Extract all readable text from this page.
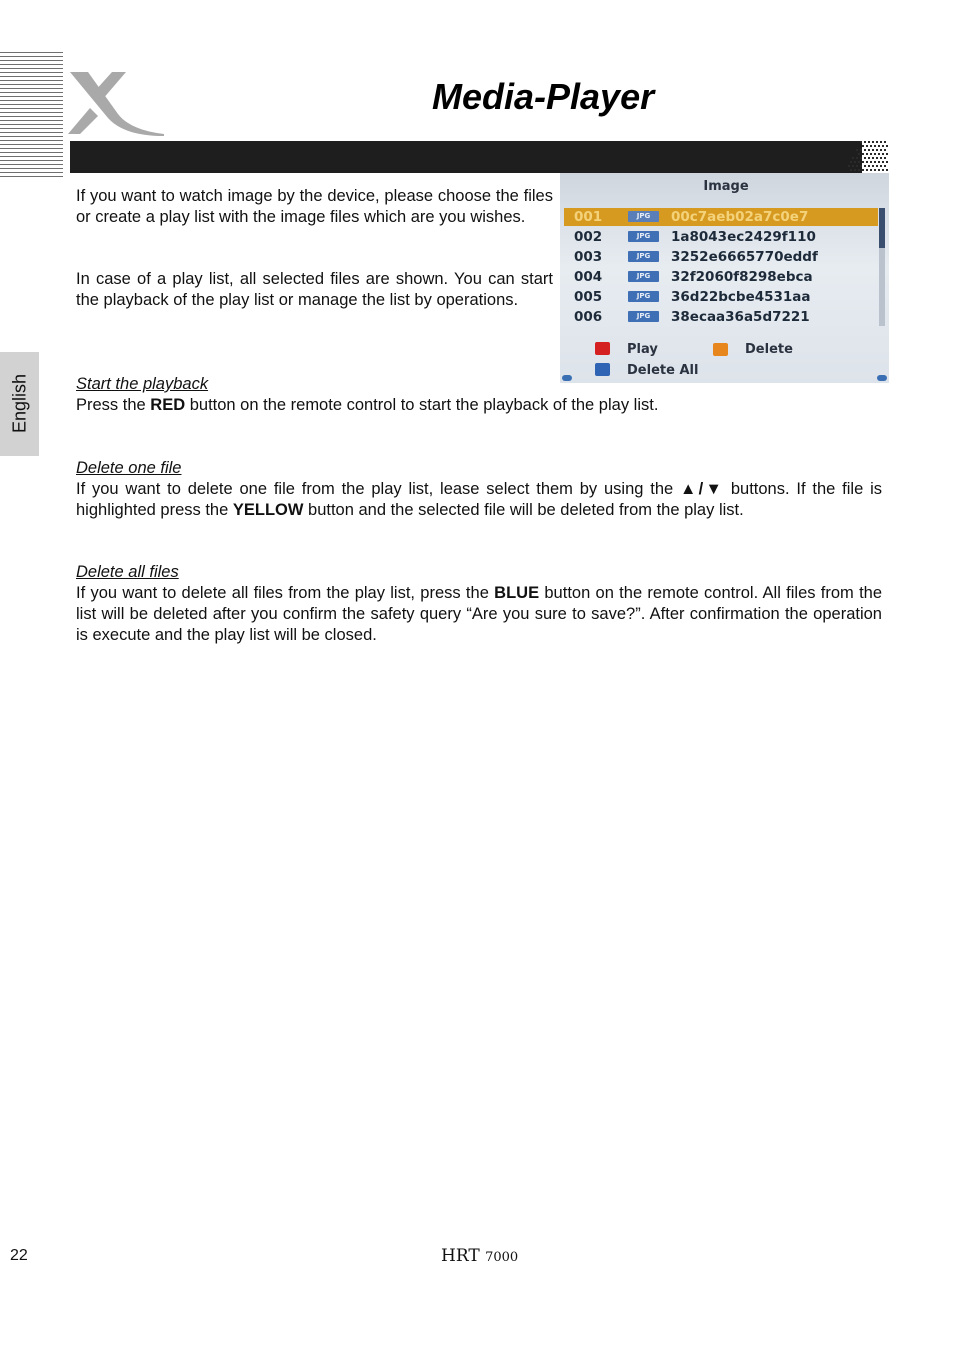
Media-Player
English
If you want to watch image by the device, please choose the files or create a play list with the image files which are you wishes.
In case of a play list, all selected files are shown. You can start the playback of the play list or manage the list by operations.
Image
001	JPG	00c7aeb02a7c0e7
002	JPG	1a8043ec2429f110
003	JPG	3252e6665770eddf
004	JPG	32f2060f8298ebca
005	JPG	36d22bcbe4531aa
006	JPG	38ecaa36a5d7221
Play	Delete
Delete All
Start the playback
Press the RED button on the remote control to start the playback of the play list.
Delete one file
If you want to delete one file from the play list, lease select them by using the ▲/▼ buttons. If the file is highlighted press the YELLOW button and the selected file will be deleted from the play list.
Delete all files
If you want to delete all files from the play list, press the BLUE button on the remote control. All files from the list will be deleted after you confirm the safety query “Are you sure to save?”. After confirmation the operation is execute and the play list will be closed.
22	HRT 7000
